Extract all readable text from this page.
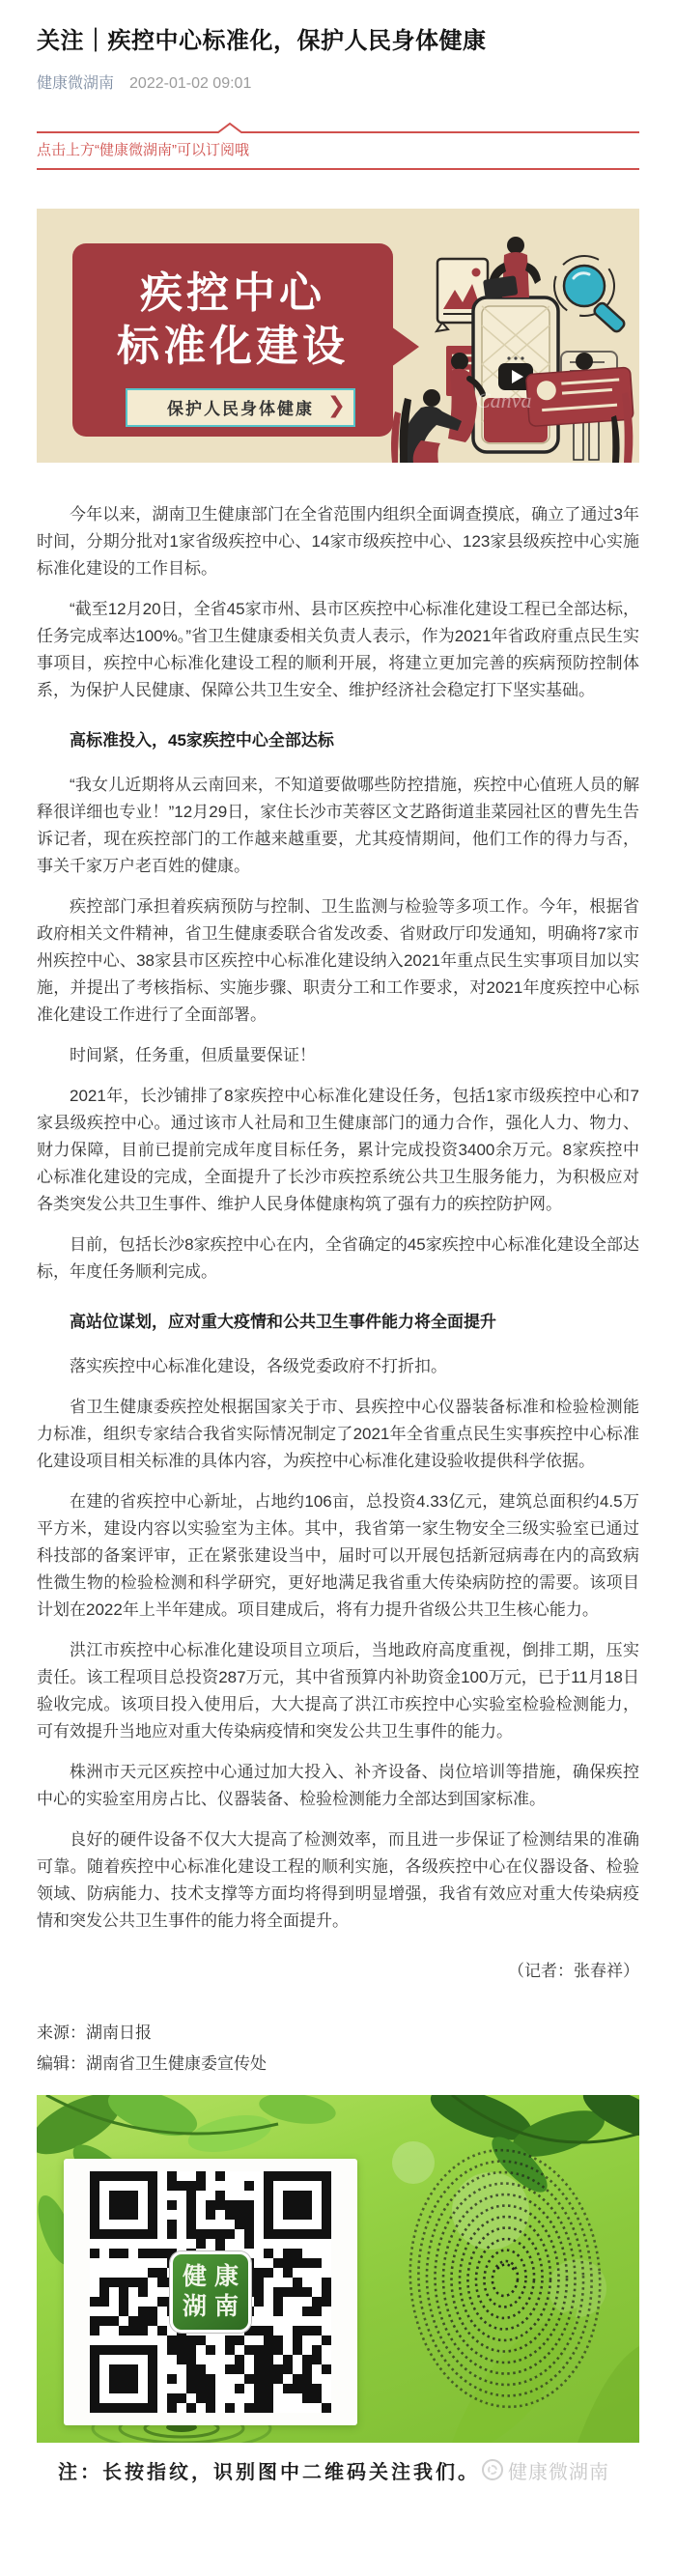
关注｜疾控中心标准化，保护人民身体健康
健康微湖南 2022-01-02 09:01
点击上方“健康微湖南”可以订阅哦
Canva
疾控中心
标准化建设
保护人民身体健康 ❯

今年以来，湖南卫生健康部门在全省范围内组织全面调查摸底，确立了通过3年时间，分期分批对1家省级疾控中心、14家市级疾控中心、123家县级疾控中心实施标准化建设的工作目标。

“截至12月20日，全省45家市州、县市区疾控中心标准化建设工程已全部达标，任务完成率达100%。”省卫生健康委相关负责人表示，作为2021年省政府重点民生实事项目，疾控中心标准化建设工程的顺利开展，将建立更加完善的疾病预防控制体系，为保护人民健康、保障公共卫生安全、维护经济社会稳定打下坚实基础。

高标准投入，45家疾控中心全部达标

“我女儿近期将从云南回来，不知道要做哪些防控措施，疾控中心值班人员的解释很详细也专业！”12月29日，家住长沙市芙蓉区文艺路街道韭菜园社区的曹先生告诉记者，现在疾控部门的工作越来越重要，尤其疫情期间，他们工作的得力与否，事关千家万户老百姓的健康。

疾控部门承担着疾病预防与控制、卫生监测与检验等多项工作。今年，根据省政府相关文件精神，省卫生健康委联合省发改委、省财政厅印发通知，明确将7家市州疾控中心、38家县市区疾控中心标准化建设纳入2021年重点民生实事项目加以实施，并提出了考核指标、实施步骤、职责分工和工作要求，对2021年度疾控中心标准化建设工作进行了全面部署。

时间紧，任务重，但质量要保证！

2021年，长沙铺排了8家疾控中心标准化建设任务，包括1家市级疾控中心和7家县级疾控中心。通过该市人社局和卫生健康部门的通力合作，强化人力、物力、财力保障，目前已提前完成年度目标任务，累计完成投资3400余万元。8家疾控中心标准化建设的完成，全面提升了长沙市疾控系统公共卫生服务能力，为积极应对各类突发公共卫生事件、维护人民身体健康构筑了强有力的疾控防护网。

目前，包括长沙8家疾控中心在内，全省确定的45家疾控中心标准化建设全部达标，年度任务顺利完成。

高站位谋划，应对重大疫情和公共卫生事件能力将全面提升

落实疾控中心标准化建设，各级党委政府不打折扣。

省卫生健康委疾控处根据国家关于市、县疾控中心仪器装备标准和检验检测能力标准，组织专家结合我省实际情况制定了2021年全省重点民生实事疾控中心标准化建设项目相关标准的具体内容，为疾控中心标准化建设验收提供科学依据。

在建的省疾控中心新址，占地约106亩，总投资4.33亿元，建筑总面积约4.5万平方米，建设内容以实验室为主体。其中，我省第一家生物安全三级实验室已通过科技部的备案评审，正在紧张建设当中，届时可以开展包括新冠病毒在内的高致病性微生物的检验检测和科学研究，更好地满足我省重大传染病防控的需要。该项目计划在2022年上半年建成。项目建成后，将有力提升省级公共卫生核心能力。

洪江市疾控中心标准化建设项目立项后，当地政府高度重视，倒排工期，压实责任。该工程项目总投资287万元，其中省预算内补助资金100万元，已于11月18日验收完成。该项目投入使用后，大大提高了洪江市疾控中心实验室检验检测能力，可有效提升当地应对重大传染病疫情和突发公共卫生事件的能力。

株洲市天元区疾控中心通过加大投入、补齐设备、岗位培训等措施，确保疾控中心的实验室用房占比、仪器装备、检验检测能力全部达到国家标准。

良好的硬件设备不仅大大提高了检测效率，而且进一步保证了检测结果的准确可靠。随着疾控中心标准化建设工程的顺利实施，各级疾控中心在仪器设备、检验领域、防病能力、技术支撑等方面均将得到明显增强，我省有效应对重大传染病疫情和突发公共卫生事件的能力将全面提升。

（记者：张春祥）

来源：湖南日报

编辑：湖南省卫生健康委宣传处

健 康
湖 南
注：长按指纹，识别图中二维码关注我们。 健康微湖南
